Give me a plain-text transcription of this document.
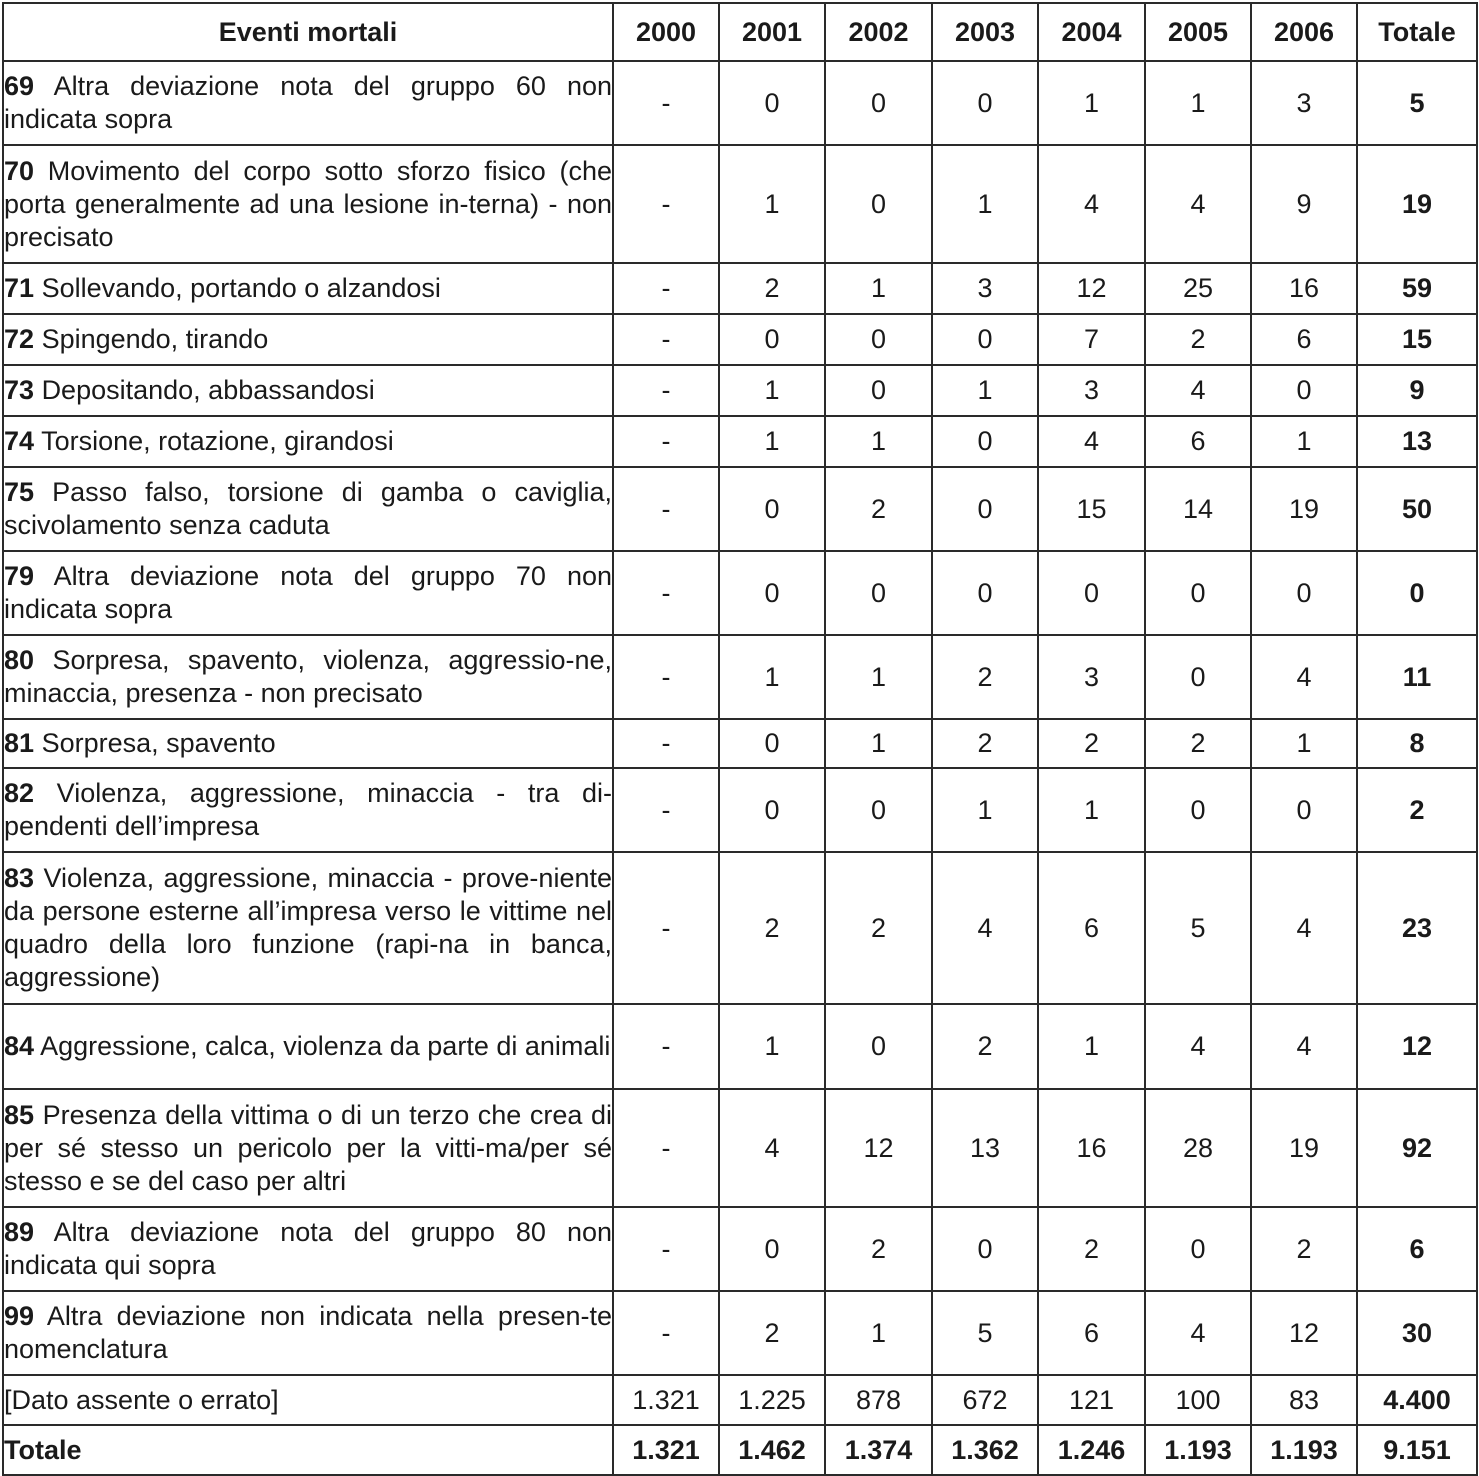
Eventi mortali	2000	2001	2002	2003	2004	2005	2006	Totale
69 Altra deviazione nota del gruppo 60 non indicata sopra	-	0	0	0	1	1	3	5
70 Movimento del corpo sotto sforzo fisico (che porta generalmente ad una lesione in-terna) - non precisato	-	1	0	1	4	4	9	19
71 Sollevando, portando o alzandosi	-	2	1	3	12	25	16	59
72 Spingendo, tirando	-	0	0	0	7	2	6	15
73 Depositando, abbassandosi	-	1	0	1	3	4	0	9
74 Torsione, rotazione, girandosi	-	1	1	0	4	6	1	13
75 Passo falso, torsione di gamba o caviglia, scivolamento senza caduta	-	0	2	0	15	14	19	50
79 Altra deviazione nota del gruppo 70 non indicata sopra	-	0	0	0	0	0	0	0
80 Sorpresa, spavento, violenza, aggressio-ne, minaccia, presenza - non precisato	-	1	1	2	3	0	4	11
81 Sorpresa, spavento	-	0	1	2	2	2	1	8
82 Violenza, aggressione, minaccia - tra di-pendenti dell’impresa	-	0	0	1	1	0	0	2
83 Violenza, aggressione, minaccia - prove-niente da persone esterne all’impresa verso le vittime nel quadro della loro funzione (rapi-na in banca, aggressione)	-	2	2	4	6	5	4	23
84 Aggressione, calca, violenza da parte di animali	-	1	0	2	1	4	4	12
85 Presenza della vittima o di un terzo che crea di per sé stesso un pericolo per la vitti-ma/per sé stesso e se del caso per altri	-	4	12	13	16	28	19	92
89 Altra deviazione nota del gruppo 80 non indicata qui sopra	-	0	2	0	2	0	2	6
99 Altra deviazione non indicata nella presen-te nomenclatura	-	2	1	5	6	4	12	30
[Dato assente o errato]	1.321	1.225	878	672	121	100	83	4.400
Totale	1.321	1.462	1.374	1.362	1.246	1.193	1.193	9.151
